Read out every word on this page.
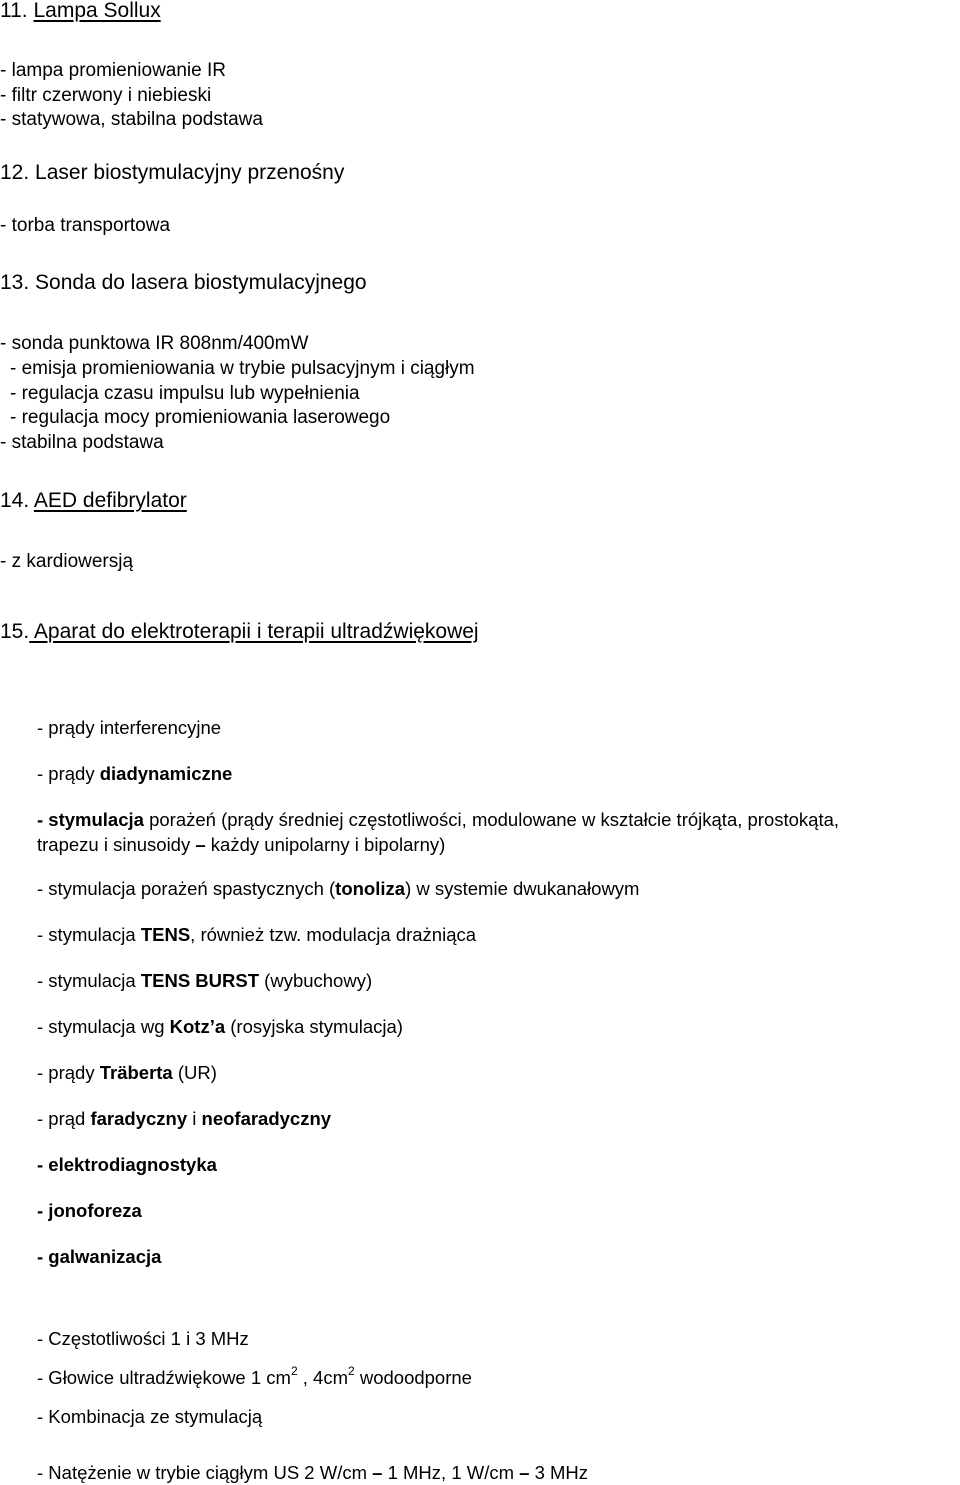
11. Lampa Sollux
- lampa promieniowanie IR
- filtr czerwony i niebieski
- statywowa, stabilna podstawa
12. Laser biostymulacyjny przenośny
- torba transportowa
13. Sonda do lasera biostymulacyjnego
- sonda punktowa IR 808nm/400mW
- emisja promieniowania w trybie pulsacyjnym i ciągłym
- regulacja czasu impulsu lub wypełnienia
- regulacja mocy promieniowania laserowego
- stabilna podstawa
14. AED defibrylator
- z kardiowersją
15. Aparat do elektroterapii i terapii ultradźwiękowej
- prądy interferencyjne
- prądy diadynamiczne
- stymulacja porażeń (prądy średniej częstotliwości, modulowane w kształcie trójkąta, prostokąta,
trapezu i sinusoidy – każdy unipolarny i bipolarny)
- stymulacja porażeń spastycznych (tonoliza) w systemie dwukanałowym
- stymulacja TENS, również tzw. modulacja drażniąca
- stymulacja TENS BURST (wybuchowy)
- stymulacja wg Kotz’a (rosyjska stymulacja)
- prądy Träberta (UR)
- prąd faradyczny i neofaradyczny
- elektrodiagnostyka
- jonoforeza
- galwanizacja
- Częstotliwości 1 i 3 MHz
- Głowice ultradźwiękowe 1 $cm^2$ , $4cm^2$ wodoodporne
- Kombinacja ze stymulacją
- Natężenie w trybie ciągłym US 2 W/cm – 1 MHz, 1 W/cm – 3 MHz
